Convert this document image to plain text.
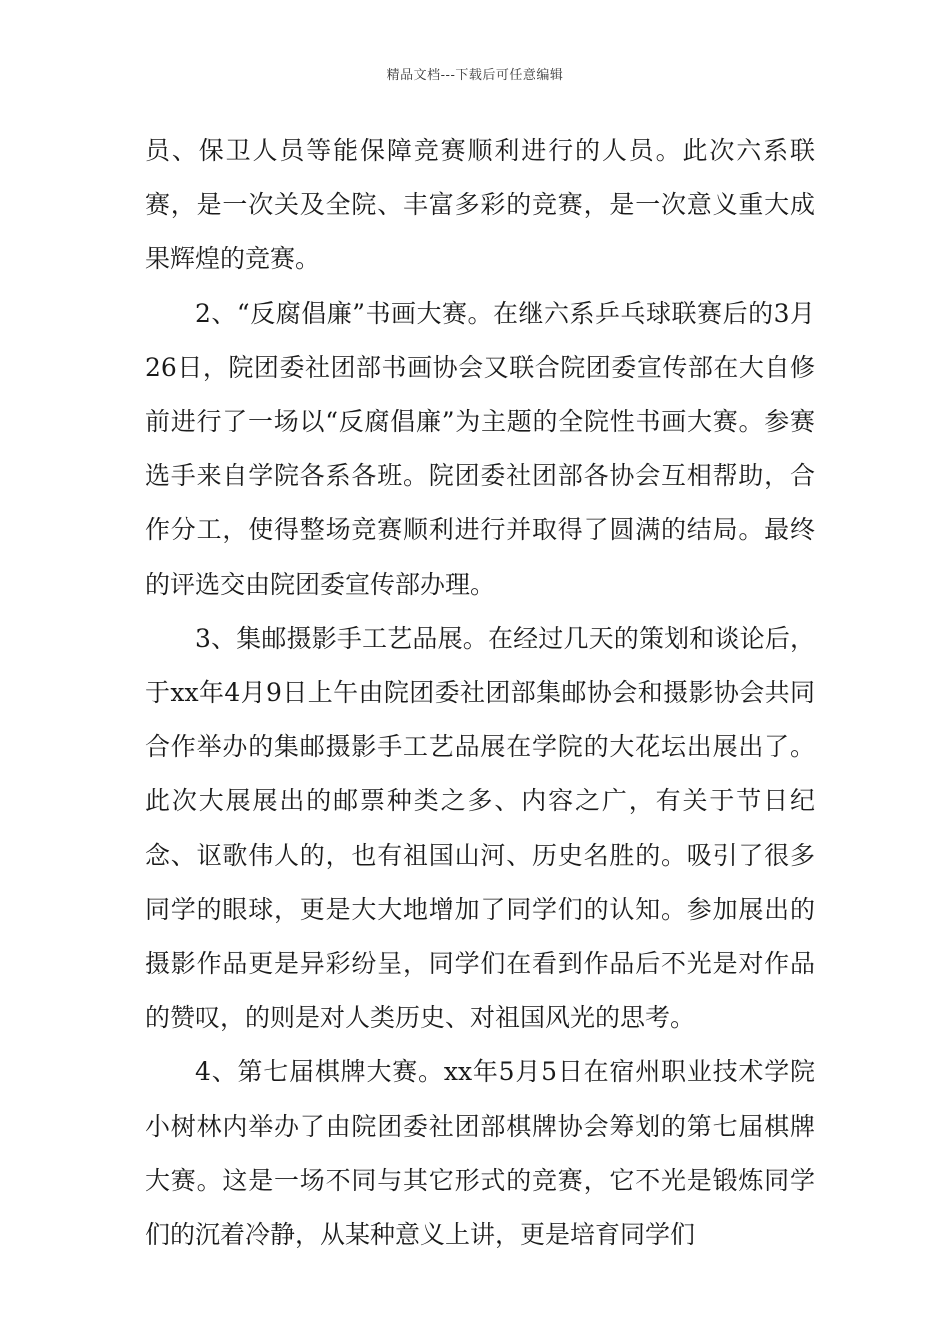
精品文档---下载后可任意编辑

员、保卫人员等能保障竞赛顺利进行的人员。此次六系联赛，是一次关及全院、丰富多彩的竞赛，是一次意义重大成果辉煌的竞赛。

2、“反腐倡廉”书画大赛。在继六系乒乓球联赛后的3月26日，院团委社团部书画协会又联合院团委宣传部在大自修前进行了一场以“反腐倡廉”为主题的全院性书画大赛。参赛选手来自学院各系各班。院团委社团部各协会互相帮助，合作分工，使得整场竞赛顺利进行并取得了圆满的结局。最终的评选交由院团委宣传部办理。

3、集邮摄影手工艺品展。在经过几天的策划和谈论后，于xx年4月9日上午由院团委社团部集邮协会和摄影协会共同合作举办的集邮摄影手工艺品展在学院的大花坛出展出了。此次大展展出的邮票种类之多、内容之广，有关于节日纪念、讴歌伟人的，也有祖国山河、历史名胜的。吸引了很多同学的眼球，更是大大地增加了同学们的认知。参加展出的摄影作品更是异彩纷呈，同学们在看到作品后不光是对作品的赞叹，的则是对人类历史、对祖国风光的思考。

4、第七届棋牌大赛。xx年5月5日在宿州职业技术学院小树林内举办了由院团委社团部棋牌协会筹划的第七届棋牌大赛。这是一场不同与其它形式的竞赛，它不光是锻炼同学们的沉着冷静，从某种意义上讲，更是培育同学们
